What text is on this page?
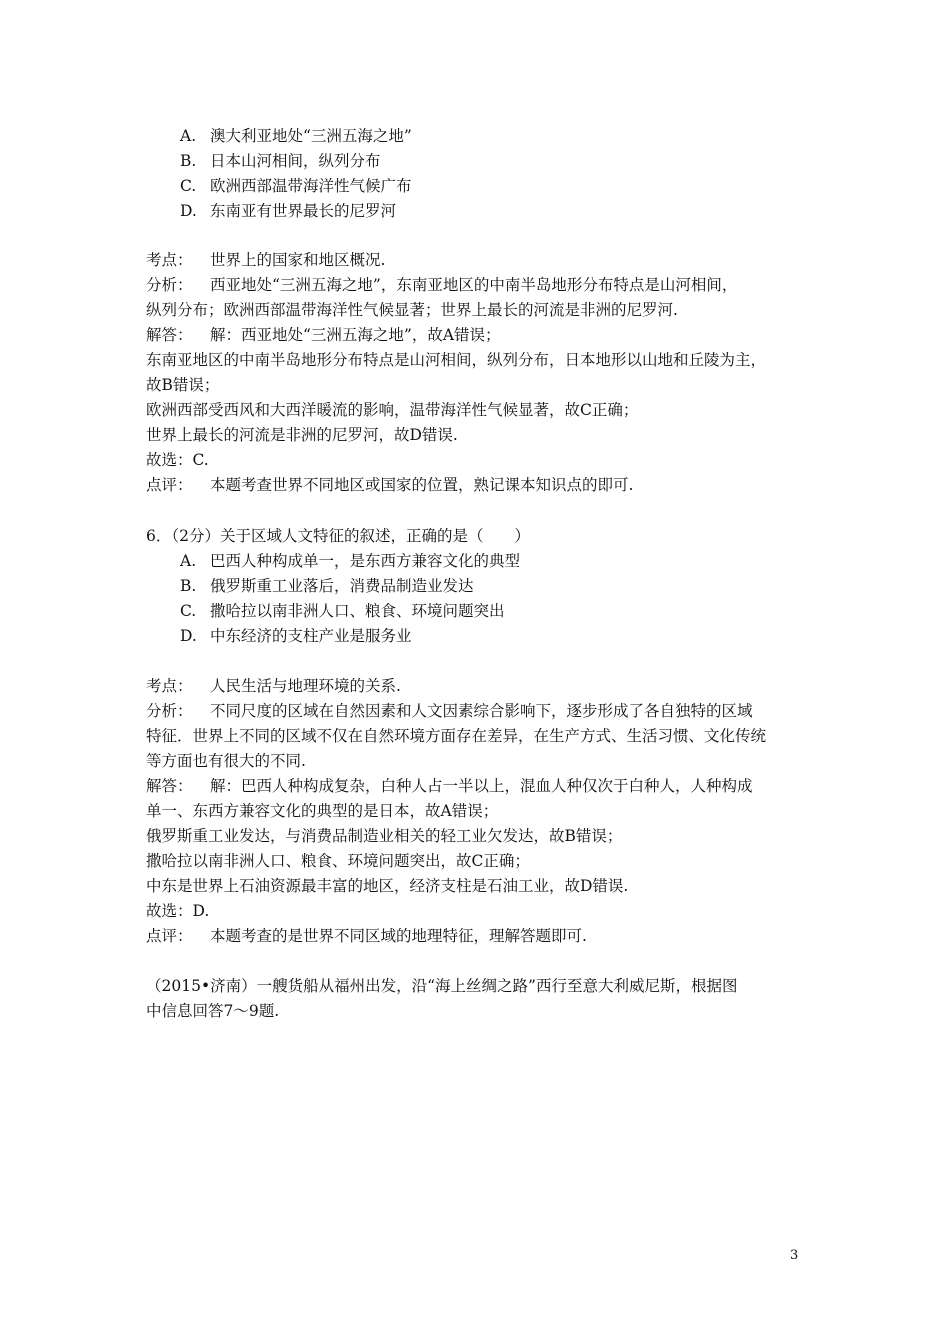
A. 澳大利亚地处“三洲五海之地”
B. 日本山河相间，纵列分布
C. 欧洲西部温带海洋性气候广布
D. 东南亚有世界最长的尼罗河
考点： 世界上的国家和地区概况.
分析： 西亚地处“三洲五海之地”，东南亚地区的中南半岛地形分布特点是山河相间，
纵列分布；欧洲西部温带海洋性气候显著；世界上最长的河流是非洲的尼罗河.
解答： 解：西亚地处“三洲五海之地”，故A错误；
东南亚地区的中南半岛地形分布特点是山河相间，纵列分布，日本地形以山地和丘陵为主，
故B错误；
欧洲西部受西风和大西洋暖流的影响，温带海洋性气候显著，故C正确；
世界上最长的河流是非洲的尼罗河，故D错误.
故选：C.
点评： 本题考查世界不同地区或国家的位置，熟记课本知识点的即可.
6．（2分）关于区域人文特征的叙述，正确的是（　　）
A. 巴西人种构成单一，是东西方兼容文化的典型
B. 俄罗斯重工业落后，消费品制造业发达
C. 撒哈拉以南非洲人口、粮食、环境问题突出
D. 中东经济的支柱产业是服务业
考点： 人民生活与地理环境的关系.
分析： 不同尺度的区域在自然因素和人文因素综合影响下，逐步形成了各自独特的区域
特征．世界上不同的区域不仅在自然环境方面存在差异，在生产方式、生活习惯、文化传统
等方面也有很大的不同.
解答： 解：巴西人种构成复杂，白种人占一半以上，混血人种仅次于白种人，人种构成
单一、东西方兼容文化的典型的是日本，故A错误；
俄罗斯重工业发达，与消费品制造业相关的轻工业欠发达，故B错误；
撒哈拉以南非洲人口、粮食、环境问题突出，故C正确；
中东是世界上石油资源最丰富的地区，经济支柱是石油工业，故D错误.
故选：D.
点评： 本题考查的是世界不同区域的地理特征，理解答题即可.
（2015•济南）一艘货船从福州出发，沿“海上丝绸之路”西行至意大利威尼斯，根据图
中信息回答7～9题.
3
